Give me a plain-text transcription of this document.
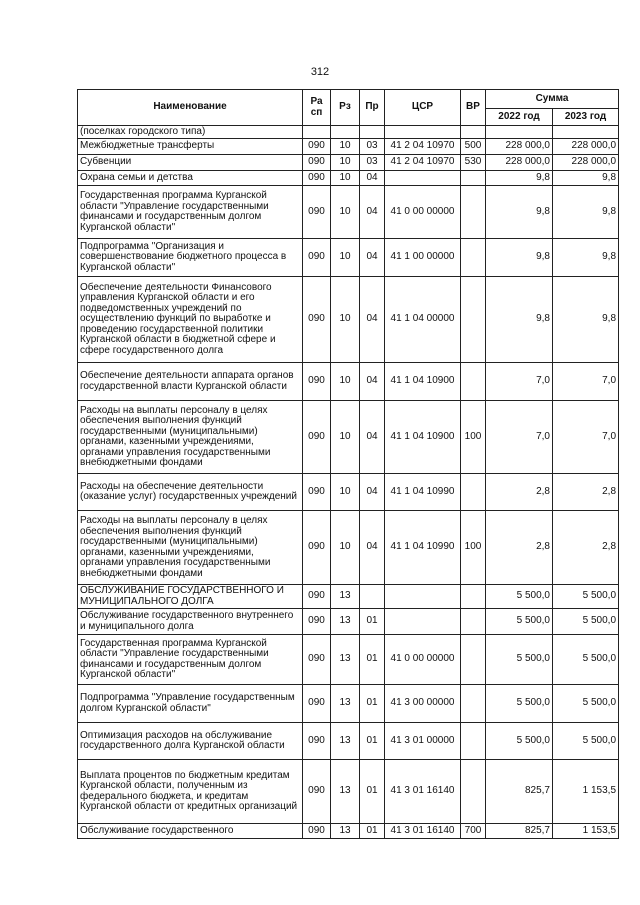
312
Наименование	Ра сп	Рз	Пр	ЦСР	ВР	Сумма	
						2022 год	2023 год
(поселках городского типа)							
Межбюджетные трансферты	090	10	03	41 2 04 10970	500	228 000,0	228 000,0
Субвенции	090	10	03	41 2 04 10970	530	228 000,0	228 000,0
Охрана семьи и детства	090	10	04			9,8	9,8
Государственная программа Курганской области "Управление государственными финансами и государственным долгом Курганской области"	090	10	04	41 0 00 00000		9,8	9,8
Подпрограмма "Организация и совершенствование бюджетного процесса в Курганской области"	090	10	04	41 1 00 00000		9,8	9,8
Обеспечение деятельности Финансового управления Курганской области и его подведомственных учреждений по осуществлению функций по выработке и проведению государственной политики Курганской области в бюджетной сфере и сфере государственного долга	090	10	04	41 1 04 00000		9,8	9,8
Обеспечение деятельности аппарата органов государственной власти Курганской области	090	10	04	41 1 04 10900		7,0	7,0
Расходы на выплаты персоналу в целях обеспечения выполнения функций государственными (муниципальными) органами, казенными учреждениями, органами управления государственными внебюджетными фондами	090	10	04	41 1 04 10900	100	7,0	7,0
Расходы на обеспечение деятельности (оказание услуг) государственных учреждений	090	10	04	41 1 04 10990		2,8	2,8
Расходы на выплаты персоналу в целях обеспечения выполнения функций государственными (муниципальными) органами, казенными учреждениями, органами управления государственными внебюджетными фондами	090	10	04	41 1 04 10990	100	2,8	2,8
ОБСЛУЖИВАНИЕ ГОСУДАРСТВЕННОГО И МУНИЦИПАЛЬНОГО ДОЛГА	090	13				5 500,0	5 500,0
Обслуживание государственного внутреннего и муниципального долга	090	13	01			5 500,0	5 500,0
Государственная программа Курганской области "Управление государственными финансами и государственным долгом Курганской области"	090	13	01	41 0 00 00000		5 500,0	5 500,0
Подпрограмма "Управление государственным долгом Курганской области"	090	13	01	41 3 00 00000		5 500,0	5 500,0
Оптимизация расходов на обслуживание государственного долга Курганской области	090	13	01	41 3 01 00000		5 500,0	5 500,0
Выплата процентов по бюджетным кредитам Курганской области, полученным из федерального бюджета, и кредитам Курганской области от кредитных организаций	090	13	01	41 3 01 16140		825,7	1 153,5
Обслуживание государственного	090	13	01	41 3 01 16140	700	825,7	1 153,5
